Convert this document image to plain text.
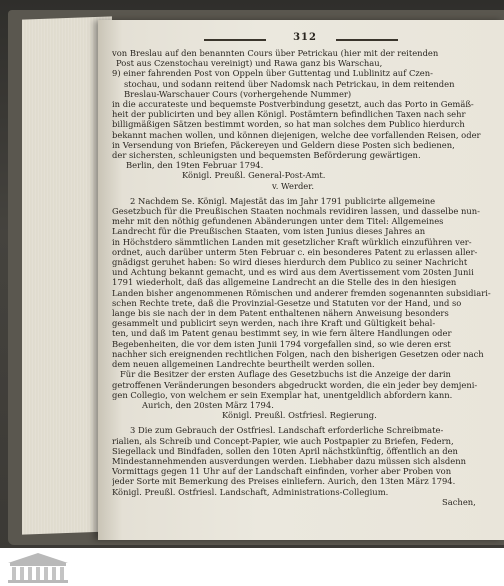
312
von Breslau auf den benannten Cours über Petrickau (hier mit der reitenden
Post aus Czenstochau vereinigt) und Rawa ganz bis Warschau,
9) einer fahrenden Post von Oppeln über Guttentag und Lublinitz auf Czen-
stochau, und sodann reitend über Nadomsk nach Petrickau, in dem reitenden
Breslau-Warschauer Cours (vorhergehende Nummer)
in die accurateste und bequemste Postverbindung gesetzt, auch das Porto in Gemäß-
heit der publicirten und bey allen Königl. Postämtern befindlichen Taxen nach sehr
billigmäßigen Sätzen bestimmt worden, so hat man solches dem Publico hierdurch
bekannt machen wollen, und können diejenigen, welche dee vorfallenden Reisen, oder
in Versendung von Briefen, Päckereyen und Geldern diese Posten sich bedienen,
der sichersten, schleunigsten und bequemsten Beförderung gewärtigen.
Berlin, den 19ten Februar 1794.
Königl. Preußl. General-Post-Amt.
v. Werder.
2 Nachdem Se. Königl. Majestät das im Jahr 1791 publicirte allgemeine
Gesetzbuch für die Preußischen Staaten nochmals revidiren lassen, und dasselbe nun-
mehr mit den nöthig gefundenen Abänderungen unter dem Titel: Allgemeines
Landrecht für die Preußischen Staaten, vom isten Junius dieses Jahres an
in Höchstdero sämmtlichen Landen mit gesetzlicher Kraft würklich einzuführen ver-
ordnet, auch darüber unterm 5ten Februar c. ein besonderes Patent zu erlassen aller-
gnädigst geruhet haben: So wird dieses hierdurch dem Publico zu seiner Nachricht
und Achtung bekannt gemacht, und es wird aus dem Avertissement vom 20sten Junii
1791 wiederholt, daß das allgemeine Landrecht an die Stelle des in den hiesigen
Landen bisher angenommenen Römischen und anderer fremden sogenannten subsidiari-
schen Rechte trete, daß die Provinzial-Gesetze und Statuten vor der Hand, und so
lange bis sie nach der in dem Patent enthaltenen nähern Anweisung besonders
gesammelt und publicirt seyn werden, nach ihre Kraft und Gültigkeit behal-
ten, und daß im Patent genau bestimmt sey, in wie fern ältere Handlungen oder
Begebenheiten, die vor dem isten Junii 1794 vorgefallen sind, so wie deren erst
nachher sich ereignenden rechtlichen Folgen, nach den bisherigen Gesetzen oder nach
dem neuen allgemeinen Landrechte beurtheilt werden sollen.
Für die Besitzer der ersten Auflage des Gesetzbuchs ist die Anzeige der darin
getroffenen Veränderungen besonders abgedruckt worden, die ein jeder bey demjeni-
gen Collegio, von welchem er sein Exemplar hat, unentgeldlich abfordern kann.
Aurich, den 20sten März 1794.
Königl. Preußl. Ostfriesl. Regierung.
3 Die zum Gebrauch der Ostfriesl. Landschaft erforderliche Schreibmate-
rialien, als Schreib und Concept-Papier, wie auch Postpapier zu Briefen, Federn,
Siegellack und Bindfaden, sollen den 10ten April nächstkünftig, öffentlich an den
Mindestannehmenden ausverdungen werden. Liebhaber dazu müssen sich alsdenn
Vormittags gegen 11 Uhr auf der Landschaft einfinden, vorher aber Proben von
jeder Sorte mit Bemerkung des Preises einliefern. Aurich, den 13ten März 1794.
Königl. Preußl. Ostfriesl. Landschaft, Administrations-Collegium.
Sachen,
